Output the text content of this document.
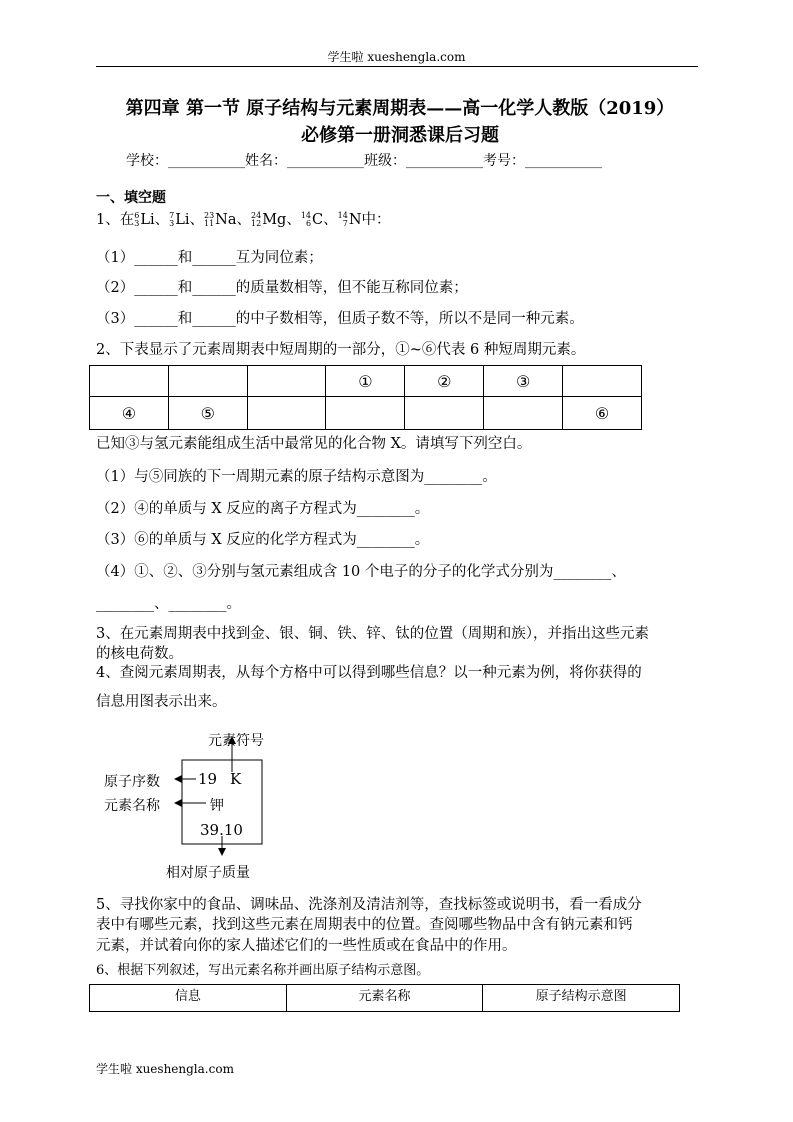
学生啦 xueshengla.com
第四章 第一节 原子结构与元素周期表——高一化学人教版（2019）
必修第一册洞悉课后习题
学校：___________姓名：___________班级：___________考号：___________
一、填空题
1、在6
3Li、7
3Li、23
11Na、24
12Mg、14
6C、14
7N中：
（1）______和______互为同位素；
（2）______和______的质量数相等，但不能互称同位素；
（3）______和______的中子数相等，但质子数不等，所以不是同一种元素。
2、下表显示了元素周期表中短周期的一部分，①~⑥代表 6 种短周期元素。
			①	②	③	
④	⑤					⑥
已知③与氢元素能组成生活中最常见的化合物 X。请填写下列空白。
（1）与⑤同族的下一周期元素的原子结构示意图为________。
（2）④的单质与 X 反应的离子方程式为________。
（3）⑥的单质与 X 反应的化学方程式为________。
（4）①、②、③分别与氢元素组成含 10 个电子的分子的化学式分别为________、
________、________。
3、在元素周期表中找到金、银、铜、铁、锌、钛的位置（周期和族），并指出这些元素
的核电荷数。
4、查阅元素周期表，从每个方格中可以得到哪些信息？以一种元素为例，将你获得的
信息用图表示出来。
元素符号
原子序数
元素名称
相对原子质量
19 K
钾
39.10
5、寻找你家中的食品、调味品、洗涤剂及清洁剂等，查找标签或说明书，看一看成分
表中有哪些元素，找到这些元素在周期表中的位置。查阅哪些物品中含有钠元素和钙
元素，并试着向你的家人描述它们的一些性质或在食品中的作用。
6、根据下列叙述，写出元素名称并画出原子结构示意图。
信息	元素名称	原子结构示意图
学生啦 xueshengla.com
